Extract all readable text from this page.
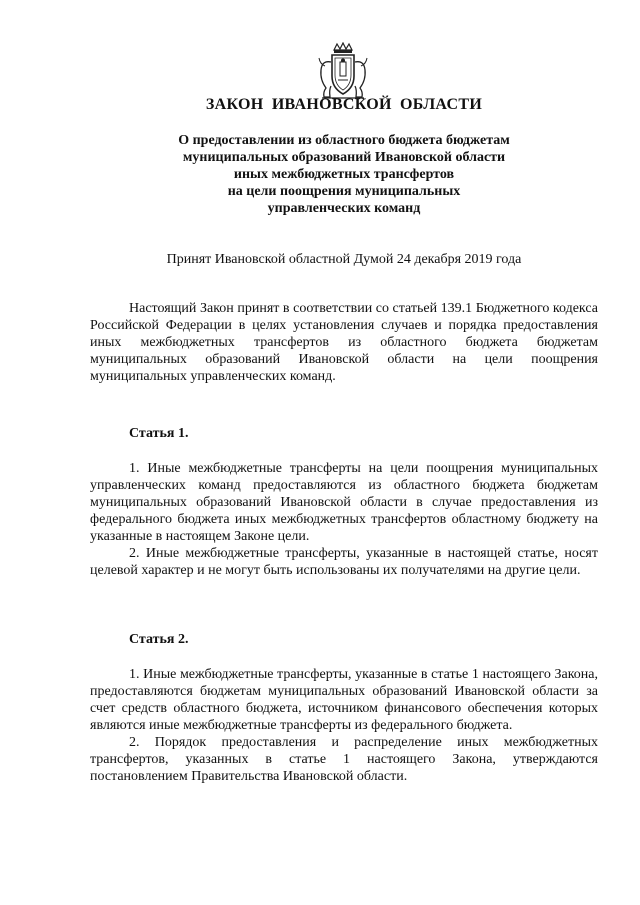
ЗАКОН ИВАНОВСКОЙ ОБЛАСТИ
О предоставлении из областного бюджета бюджетам
муниципальных образований Ивановской области
иных межбюджетных трансфертов
на цели поощрения муниципальных
управленческих команд
Принят Ивановской областной Думой 24 декабря 2019 года

Настоящий Закон принят в соответствии со статьей 139.1 Бюджетного кодекса Российской Федерации в целях установления случаев и порядка предоставления иных межбюджетных трансфертов из областного бюджета бюджетам муниципальных образований Ивановской области на цели поощрения муниципальных управленческих команд.

Статья 1.

1. Иные межбюджетные трансферты на цели поощрения муниципальных управленческих команд предоставляются из областного бюджета бюджетам муниципальных образований Ивановской области в случае предоставления из федерального бюджета иных межбюджетных трансфертов областному бюджету на указанные в настоящем Законе цели.

2. Иные межбюджетные трансферты, указанные в настоящей статье, носят целевой характер и не могут быть использованы их получателями на другие цели.

Статья 2.

1. Иные межбюджетные трансферты, указанные в статье 1 настоящего Закона, предоставляются бюджетам муниципальных образований Ивановской области за счет средств областного бюджета, источником финансового обеспечения которых являются иные межбюджетные трансферты из федерального бюджета.

2. Порядок предоставления и распределение иных межбюджетных трансфертов, указанных в статье 1 настоящего Закона, утверждаются постановлением Правительства Ивановской области.
